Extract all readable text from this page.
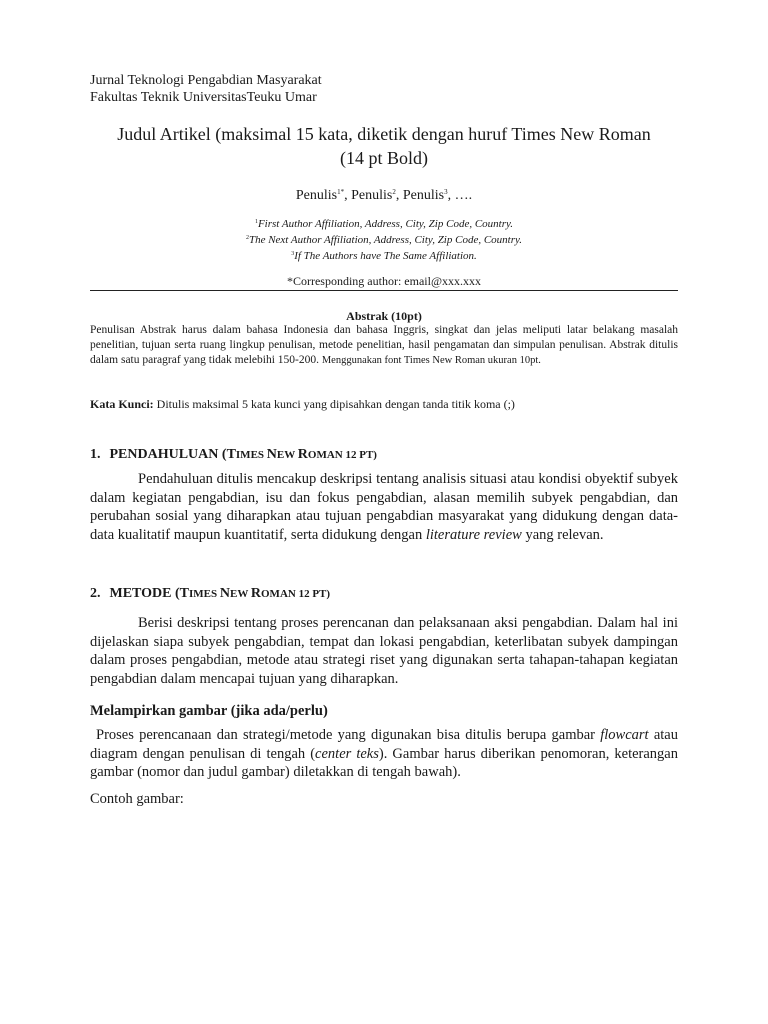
Jurnal Teknologi Pengabdian Masyarakat
Fakultas Teknik UniversitasTeuku Umar
Judul Artikel (maksimal 15 kata, diketik dengan huruf Times New Roman
(14 pt Bold)
Penulis$^{1*}$, Penulis$^2$, Penulis$^3$, ….
$^1$First Author Affiliation, Address, City, Zip Code, Country.
$^2$The Next Author Affiliation, Address, City, Zip Code, Country.
$^3$If The Authors have The Same Affiliation.
*Corresponding author: email@xxx.xxx
Abstrak (10pt)
Penulisan Abstrak harus dalam bahasa Indonesia dan bahasa Inggris, singkat dan jelas meliputi latar belakang masalah penelitian, tujuan serta ruang lingkup penulisan, metode penelitian, hasil pengamatan dan simpulan penulisan. Abstrak ditulis dalam satu paragraf yang tidak melebihi 150-200. Menggunakan font Times New Roman ukuran 10pt.
Kata Kunci: Ditulis maksimal 5 kata kunci yang dipisahkan dengan tanda titik koma (;)
1. PENDAHULUAN (TIMES NEW ROMAN 12 PT)
Pendahuluan ditulis mencakup deskripsi tentang analisis situasi atau kondisi obyektif subyek dalam kegiatan pengabdian, isu dan fokus pengabdian, alasan memilih subyek pengabdian, dan perubahan sosial yang diharapkan atau tujuan pengabdian masyarakat yang didukung dengan data-data kualitatif maupun kuantitatif, serta didukung dengan literature review yang relevan.
2. METODE (TIMES NEW ROMAN 12 PT)
Berisi deskripsi tentang proses perencanan dan pelaksanaan aksi pengabdian. Dalam hal ini dijelaskan siapa subyek pengabdian, tempat dan lokasi pengabdian, keterlibatan subyek dampingan dalam proses pengabdian, metode atau strategi riset yang digunakan serta tahapan-tahapan kegiatan pengabdian dalam mencapai tujuan yang diharapkan.
Melampirkan gambar (jika ada/perlu)
Proses perencanaan dan strategi/metode yang digunakan bisa ditulis berupa gambar flowcart atau diagram dengan penulisan di tengah (center teks). Gambar harus diberikan penomoran, keterangan gambar (nomor dan judul gambar) diletakkan di tengah bawah).
Contoh gambar:
